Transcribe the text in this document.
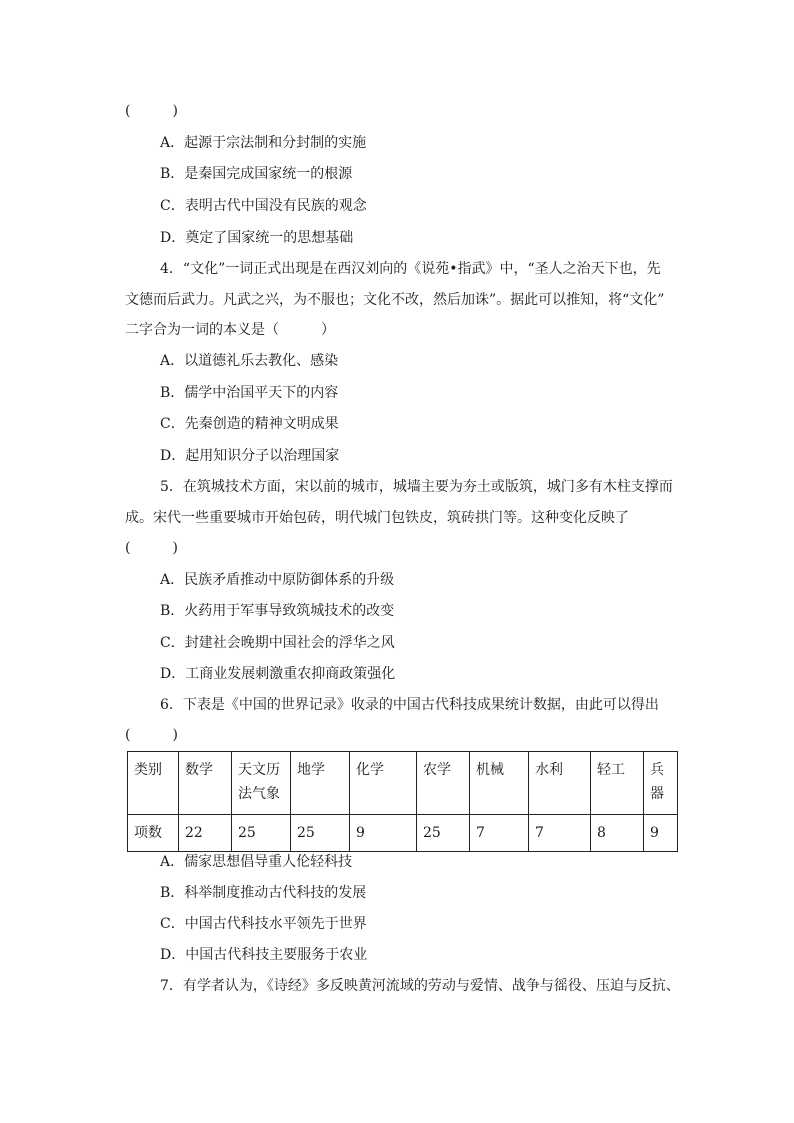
(　　　)
A．起源于宗法制和分封制的实施
B．是秦国完成国家统一的根源
C．表明古代中国没有民族的观念
D．奠定了国家统一的思想基础
4．“文化”一词正式出现是在西汉刘向的《说苑•指武》中，“圣人之治天下也，先
文德而后武力。凡武之兴，为不服也；文化不改，然后加诛”。据此可以推知，将“文化”
二字合为一词的本义是（　　　）
A．以道德礼乐去教化、感染
B．儒学中治国平天下的内容
C．先秦创造的精神文明成果
D．起用知识分子以治理国家
5．在筑城技术方面，宋以前的城市，城墙主要为夯土或版筑，城门多有木柱支撑而
成。宋代一些重要城市开始包砖，明代城门包铁皮，筑砖拱门等。这种变化反映了
(　　　)
A．民族矛盾推动中原防御体系的升级
B．火药用于军事导致筑城技术的改变
C．封建社会晚期中国社会的浮华之风
D．工商业发展刺激重农抑商政策强化
6．下表是《中国的世界记录》收录的中国古代科技成果统计数据，由此可以得出
(　　　)
类别	数学	天文历法气象	地学	化学	农学	机械	水利	轻工	兵器
项数	22	25	25	9	25	7	7	8	9
A．儒家思想倡导重人伦轻科技
B．科举制度推动古代科技的发展
C．中国古代科技水平领先于世界
D．中国古代科技主要服务于农业
7．有学者认为，《诗经》多反映黄河流域的劳动与爱情、战争与徭役、压迫与反抗、
